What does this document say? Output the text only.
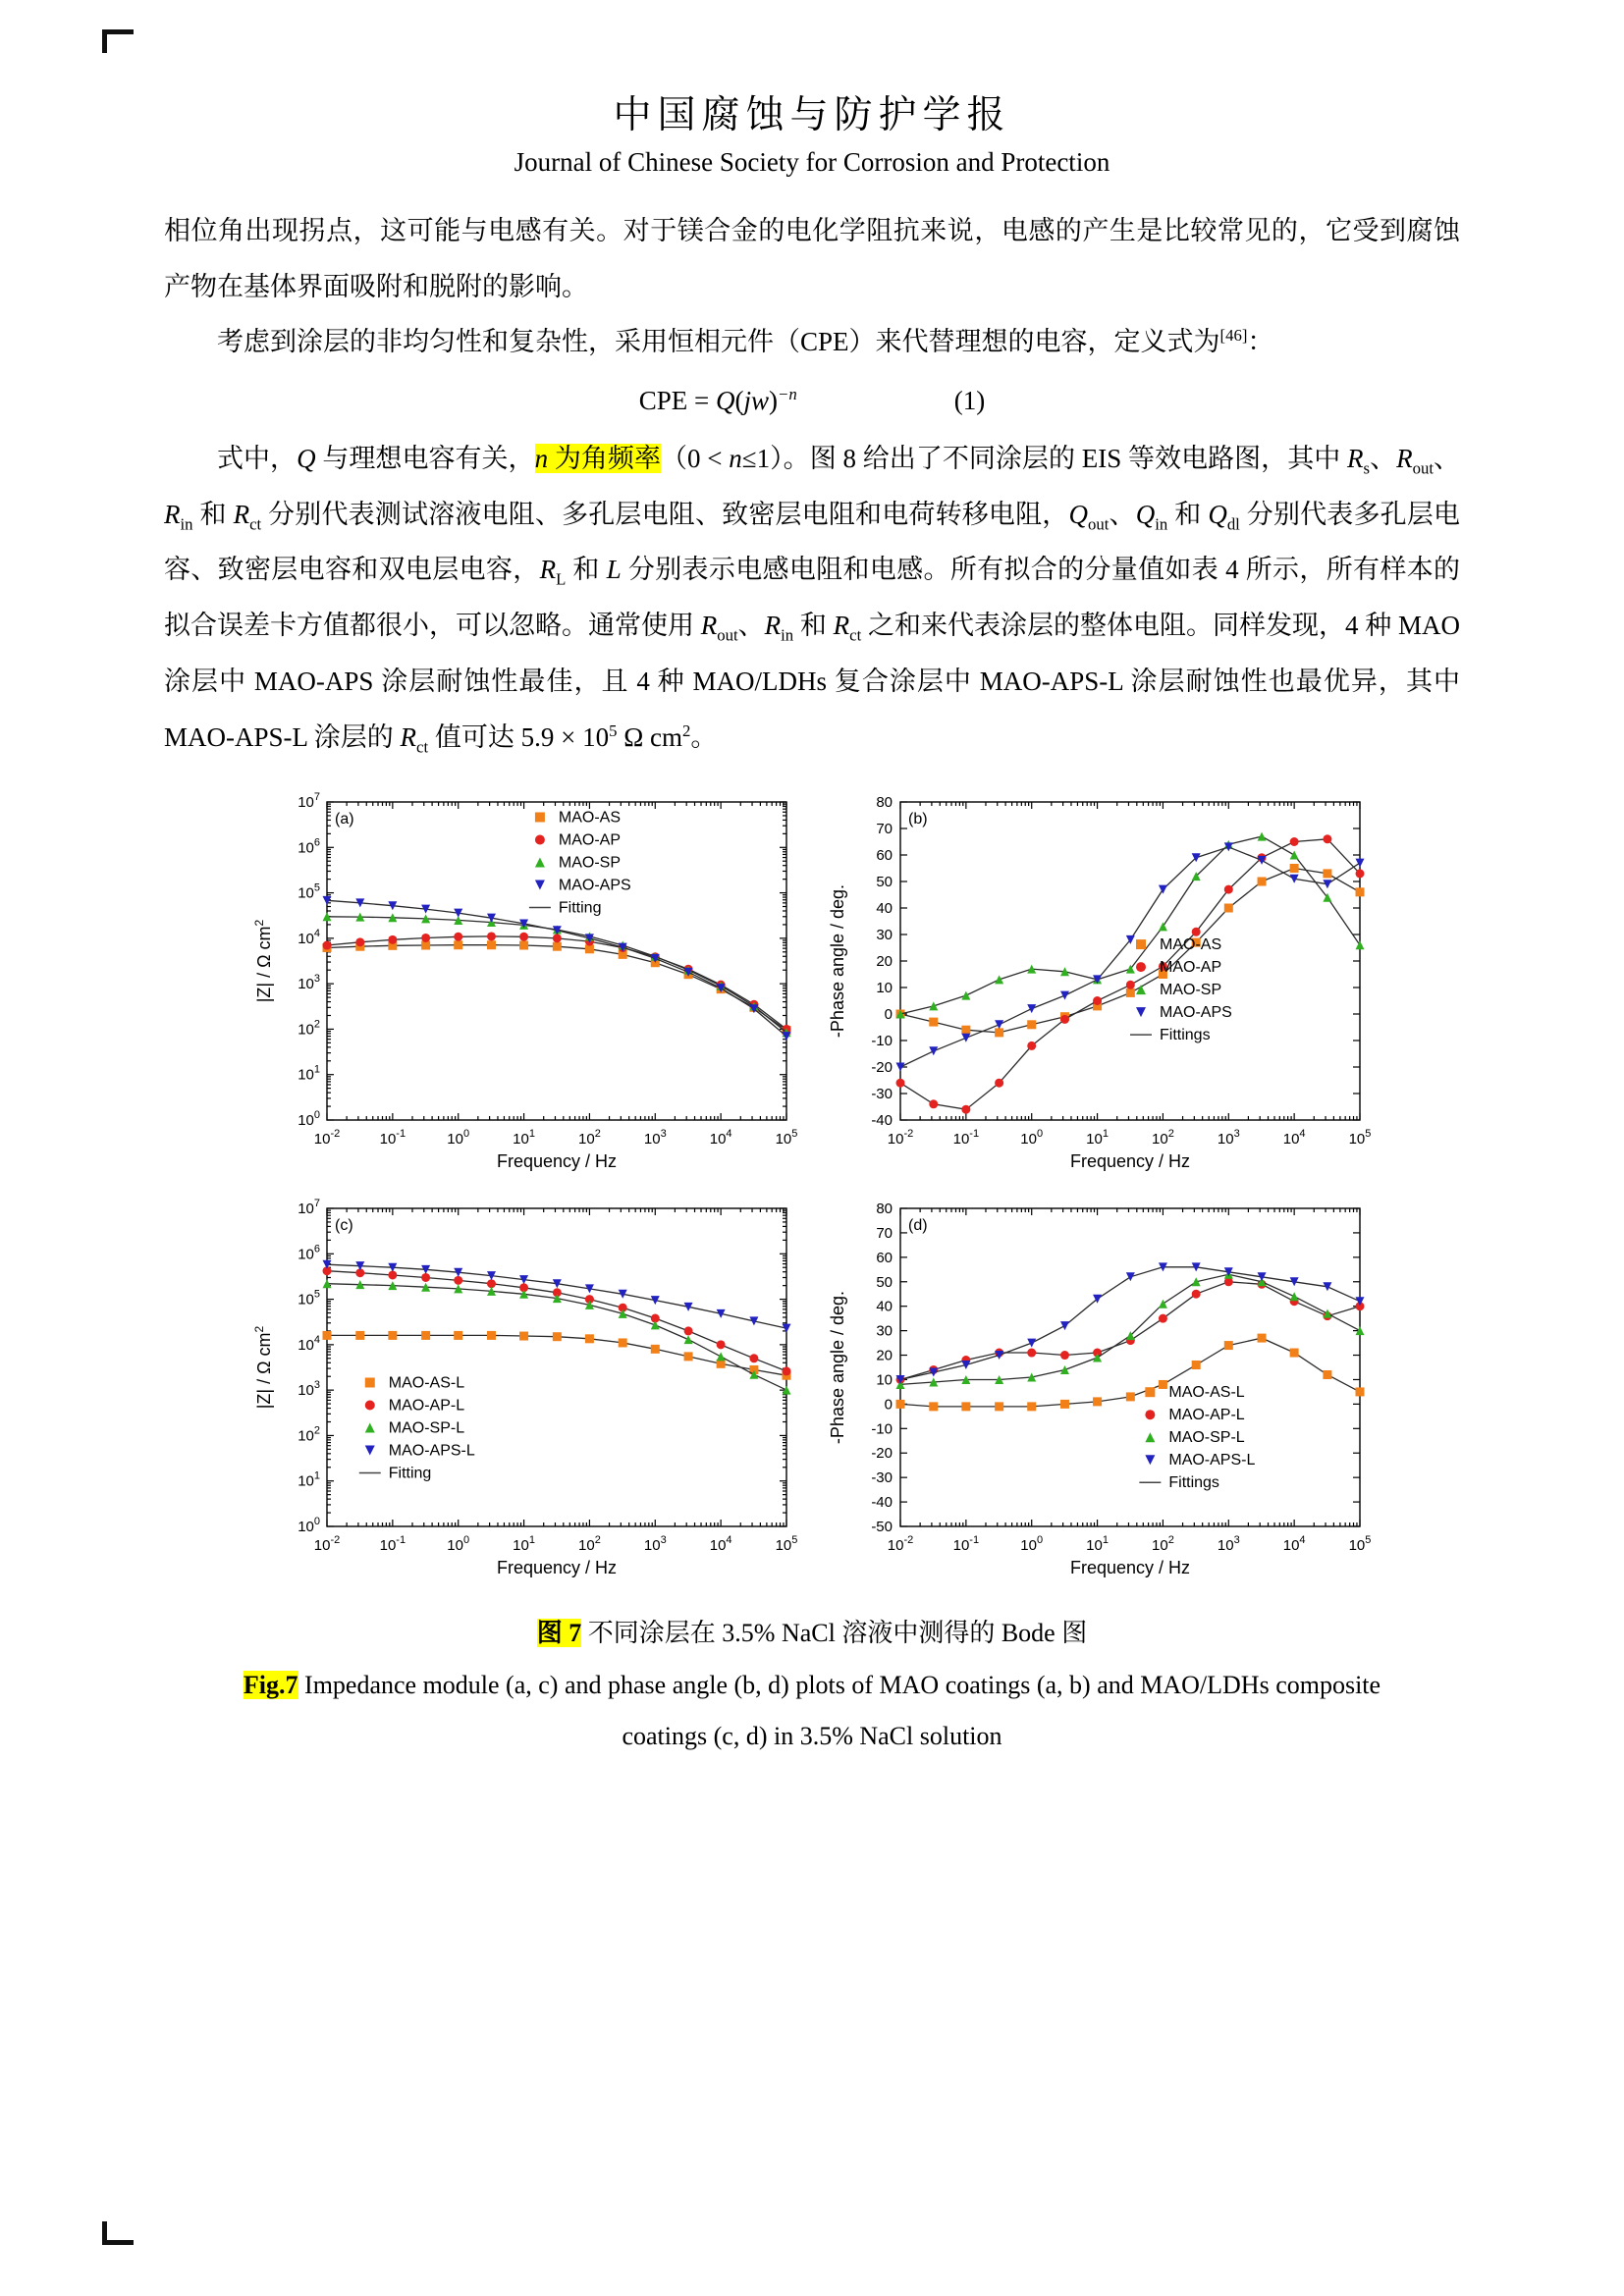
中国腐蚀与防护学报
Journal of Chinese Society for Corrosion and Protection

相位角出现拐点，这可能与电感有关。对于镁合金的电化学阻抗来说，电感的产生是比较常见的，它受到腐蚀产物在基体界面吸附和脱附的影响。

考虑到涂层的非均匀性和复杂性，采用恒相元件（CPE）来代替理想的电容，定义式为[46]：

CPE = Q(jw)$^{-n}$	(1)

式中，Q 与理想电容有关，n 为角频率（0 < n≤1）。图 8 给出了不同涂层的 EIS 等效电路图，其中 $R_s$、$R_{out}$、$R_{in}$ 和 $R_{ct}$ 分别代表测试溶液电阻、多孔层电阻、致密层电阻和电荷转移电阻，$Q_{out}$、$Q_{in}$ 和 $Q_{dl}$ 分别代表多孔层电容、致密层电容和双电层电容，$R_L$ 和 L 分别表示电感电阻和电感。所有拟合的分量值如表 4 所示，所有样本的拟合误差卡方值都很小，可以忽略。通常使用 $R_{out}$、$R_{in}$ 和 $R_{ct}$ 之和来代表涂层的整体电阻。同样发现，4 种 MAO 涂层中 MAO-APS 涂层耐蚀性最佳，且 4 种 MAO/LDHs 复合涂层中 MAO-APS-L 涂层耐蚀性也最优异，其中 MAO-APS-L 涂层的 $R_{ct}$ 值可达 $5.9 \times 10^5$ Ω $cm^2$。

$10^{-2}$	$10^{-1}$	$10^0$	$10^1$	$10^2$	$10^3$	$10^4$	$10^5$
$10^0$
$10^1$
$10^2$
$10^3$
$10^4$
$10^5$
$10^6$
$10^7$
(a)
Frequency / Hz
|Z| / Ω $cm^2$
MAO-AS
MAO-AP
MAO-SP
MAO-APS
Fitting
$10^{-2}$	$10^{-1}$	$10^0$	$10^1$	$10^2$	$10^3$	$10^4$	$10^5$
-40
-30
-20
-10
0
10
20
30
40
50
60
70
80
(b)
Frequency / Hz
-Phase angle / deg.	MAO-AS
MAO-AP
MAO-SP
MAO-APS
Fittings
$10^{-2}$	$10^{-1}$	$10^0$	$10^1$	$10^2$	$10^3$	$10^4$	$10^5$
$10^0$
$10^1$
$10^2$
$10^3$
$10^4$
$10^5$
$10^6$
$10^7$
(c)
Frequency / Hz
|Z| / Ω $cm^2$
MAO-AS-L
MAO-AP-L
MAO-SP-L
MAO-APS-L
Fitting
$10^{-2}$	$10^{-1}$	$10^0$	$10^1$	$10^2$	$10^3$	$10^4$	$10^5$
-50
-40
-30
-20
-10
0
10
20
30
40
50
60
70
80
(d)
Frequency / Hz
-Phase angle / deg.	MAO-AS-L
MAO-AP-L
MAO-SP-L
MAO-APS-L
Fittings
图 7 不同涂层在 3.5% NaCl 溶液中测得的 Bode 图
Fig.7 Impedance module (a, c) and phase angle (b, d) plots of MAO coatings (a, b) and MAO/LDHs composite
coatings (c, d) in 3.5% NaCl solution
